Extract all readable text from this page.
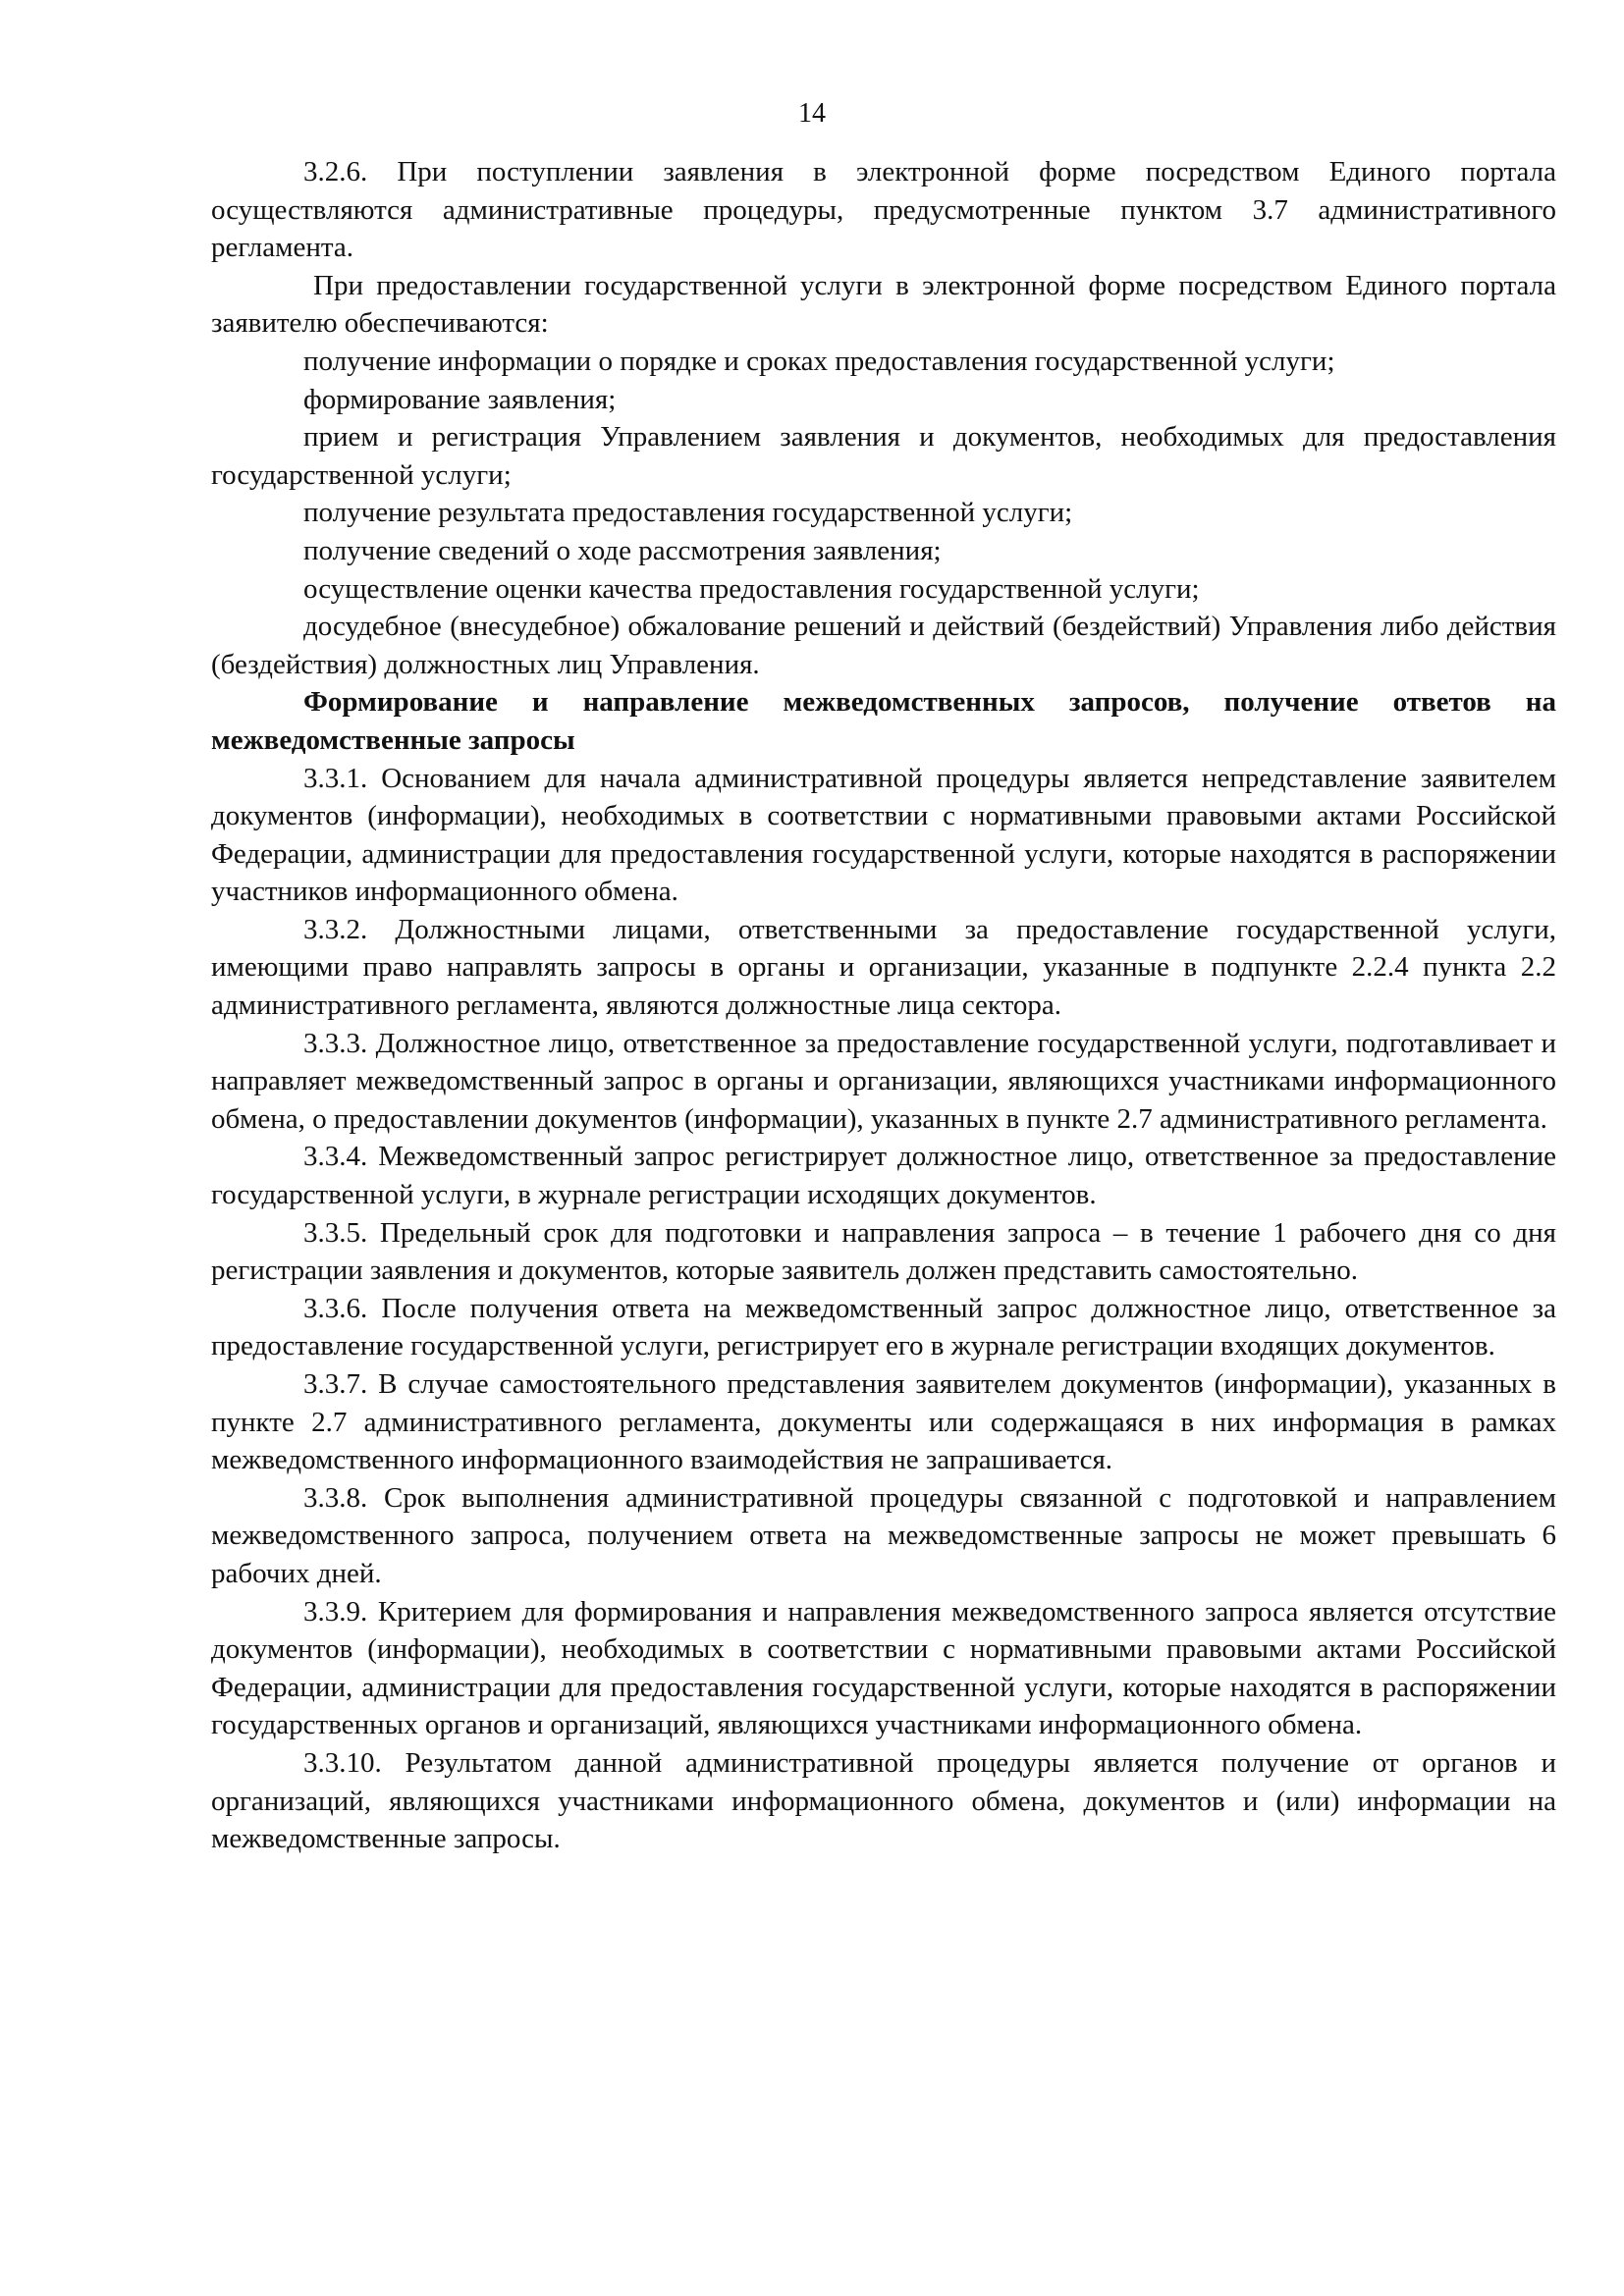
14

3.2.6. При поступлении заявления в электронной форме посредством Единого портала осуществляются административные процедуры, предусмотренные пунктом 3.7 административного регламента.

При предоставлении государственной услуги в электронной форме посредством Единого портала заявителю обеспечиваются:

получение информации о порядке и сроках предоставления государственной услуги;

формирование заявления;

прием и регистрация Управлением заявления и документов, необходимых для предоставления государственной услуги;

получение результата предоставления государственной услуги;

получение сведений о ходе рассмотрения заявления;

осуществление оценки качества предоставления государственной услуги;

досудебное (внесудебное) обжалование решений и действий (бездействий) Управления либо действия (бездействия) должностных лиц Управления.

Формирование и направление межведомственных запросов, получение ответов на межведомственные запросы

3.3.1. Основанием для начала административной процедуры является непредставление заявителем документов (информации), необходимых в соответствии с нормативными правовыми актами Российской Федерации, администрации для предоставления государственной услуги, которые находятся в распоряжении участников информационного обмена.

3.3.2. Должностными лицами, ответственными за предоставление государственной услуги, имеющими право направлять запросы в органы и организации, указанные в подпункте 2.2.4 пункта 2.2 административного регламента, являются должностные лица сектора.

3.3.3. Должностное лицо, ответственное за предоставление государственной услуги, подготавливает и направляет межведомственный запрос в органы и организации, являющихся участниками информационного обмена, о предоставлении документов (информации), указанных в пункте 2.7 административного регламента.

3.3.4. Межведомственный запрос регистрирует должностное лицо, ответственное за предоставление государственной услуги, в журнале регистрации исходящих документов.

3.3.5. Предельный срок для подготовки и направления запроса – в течение 1 рабочего дня со дня регистрации заявления и документов, которые заявитель должен представить самостоятельно.

3.3.6. После получения ответа на межведомственный запрос должностное лицо, ответственное за предоставление государственной услуги, регистрирует его в журнале регистрации входящих документов.

3.3.7. В случае самостоятельного представления заявителем документов (информации), указанных в пункте 2.7 административного регламента, документы или содержащаяся в них информация в рамках межведомственного информационного взаимодействия не запрашивается.

3.3.8. Срок выполнения административной процедуры связанной с подготовкой и направлением межведомственного запроса, получением ответа на межведомственные запросы не может превышать 6 рабочих дней.

3.3.9. Критерием для формирования и направления межведомственного запроса является отсутствие документов (информации), необходимых в соответствии с нормативными правовыми актами Российской Федерации, администрации для предоставления государственной услуги, которые находятся в распоряжении государственных органов и организаций, являющихся участниками информационного обмена.

3.3.10. Результатом данной административной процедуры является получение от органов и организаций, являющихся участниками информационного обмена, документов и (или) информации на межведомственные запросы.
